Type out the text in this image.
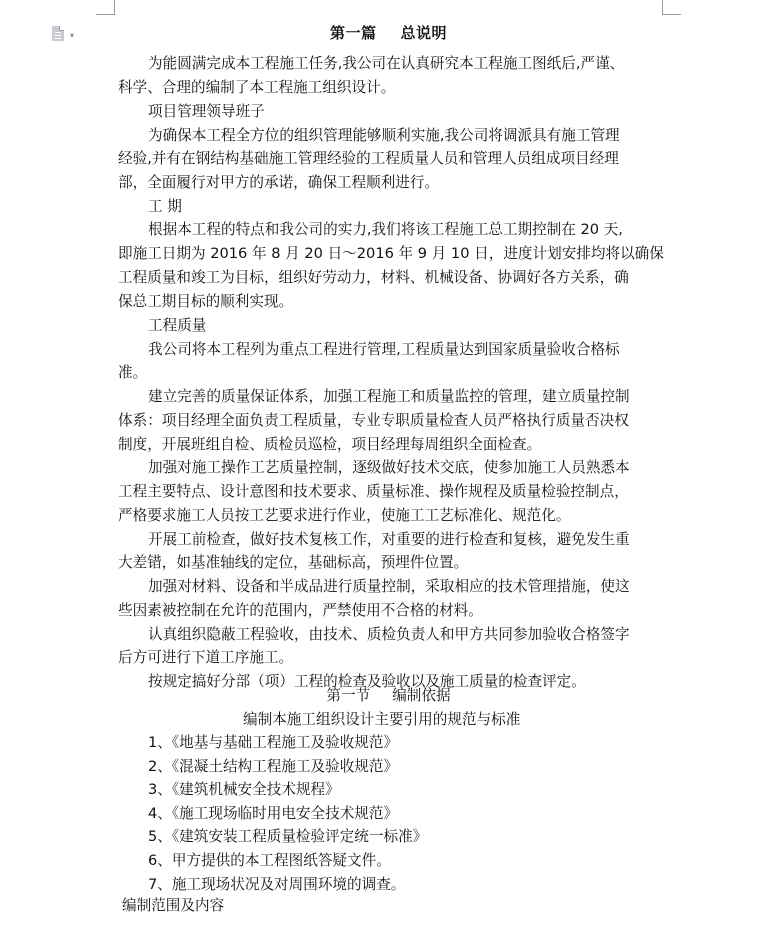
▾	第一篇 总说明
为能圆满完成本工程施工任务,我公司在认真研究本工程施工图纸后,严谨、
科学、合理的编制了本工程施工组织设计。
项目管理领导班子
为确保本工程全方位的组织管理能够顺利实施,我公司将调派具有施工管理
经验,并有在钢结构基础施工管理经验的工程质量人员和管理人员组成项目经理
部，全面履行对甲方的承诺，确保工程顺利进行。
工 期
根据本工程的特点和我公司的实力,我们将该工程施工总工期控制在 20 天,
即施工日期为 2016 年 8 月 20 日～2016 年 9 月 10 日，进度计划安排均将以确保
工程质量和竣工为目标，组织好劳动力，材料、机械设备、协调好各方关系，确
保总工期目标的顺利实现。
工程质量
我公司将本工程列为重点工程进行管理,工程质量达到国家质量验收合格标
准。
建立完善的质量保证体系，加强工程施工和质量监控的管理，建立质量控制
体系：项目经理全面负责工程质量，专业专职质量检查人员严格执行质量否决权
制度，开展班组自检、质检员巡检，项目经理每周组织全面检查。
加强对施工操作工艺质量控制，逐级做好技术交底，使参加施工人员熟悉本
工程主要特点、设计意图和技术要求、质量标准、操作规程及质量检验控制点，
严格要求施工人员按工艺要求进行作业，使施工工艺标准化、规范化。
开展工前检查，做好技术复核工作，对重要的进行检查和复核，避免发生重
大差错，如基准轴线的定位，基础标高，预埋件位置。
加强对材料、设备和半成品进行质量控制，采取相应的技术管理措施，使这
些因素被控制在允许的范围内，严禁使用不合格的材料。
认真组织隐蔽工程验收，由技术、质检负责人和甲方共同参加验收合格签字
后方可进行下道工序施工。
按规定搞好分部（项）工程的检查及验收以及施工质量的检查评定。
第一节 编制依据
编制本施工组织设计主要引用的规范与标准
1、《地基与基础工程施工及验收规范》
2、《混凝土结构工程施工及验收规范》
3、《建筑机械安全技术规程》
4、《施工现场临时用电安全技术规范》
5、《建筑安装工程质量检验评定统一标准》
6、甲方提供的本工程图纸答疑文件。
7、施工现场状况及对周围环境的调查。
编制范围及内容
